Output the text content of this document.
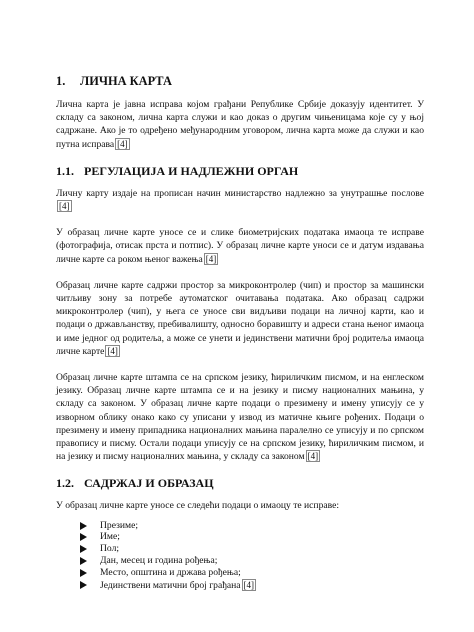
1. ЛИЧНА КАРТА

Лична карта је јавна исправа којом грађани Републике Србије доказују идентитет. У складу са законом, лична карта служи и као доказ о другим чињеницама које су у њој садржане. Ако је то одређено међународним уговором, лична карта може да служи и као путна исправа [4]

1.1. РЕГУЛАЦИЈА И НАДЛЕЖНИ ОРГАН

Личну карту издаје на прописан начин министарство надлежно за унутрашње послове[4]

У образац личне карте уносе се и слике биометријских података имаоца те исправе (фотографија, отисак прста и потпис). У образац личне карте уноси се и датум издавања личне карте са роком њеног важења [4]

Образац личне карте садржи простор за микроконтролер (чип) и простор за машински читљиву зону за потребе аутоматског очитавања података. Ако образац садржи микроконтролер (чип), у њега се уносе сви видљиви подаци на личној карти, као и подаци о држављанству, пребивалишту, односно боравишту и адреси стана њеног имаоца и име једног од родитеља, а може се унети и јединствени матични број родитеља имаоца личне карте [4]

Образац личне карте штампа се на српском језику, ћириличким писмом, и на енглеском језику. Образац личне карте штампа се и на језику и писму националних мањина, у складу са законом. У образац личне карте подаци о презимену и имену уписују се у изворном облику онако како су уписани у извод из матичне књиге рођених. Подаци о презимену и имену припадника националних мањина паралелно се уписују и по српском правопису и писму. Остали подаци уписују се на српском језику, ћириличким писмом, и на језику и писму националних мањина, у складу са законом [4]

1.2. САДРЖАЈ И ОБРАЗАЦ

У образац личне карте уносе се следећи подаци о имаоцу те исправе:

Презиме;
Име;
Пол;
Дан, месец и година рођења;
Место, општина и држава рођења;
Јединствени матични број грађана [4]
